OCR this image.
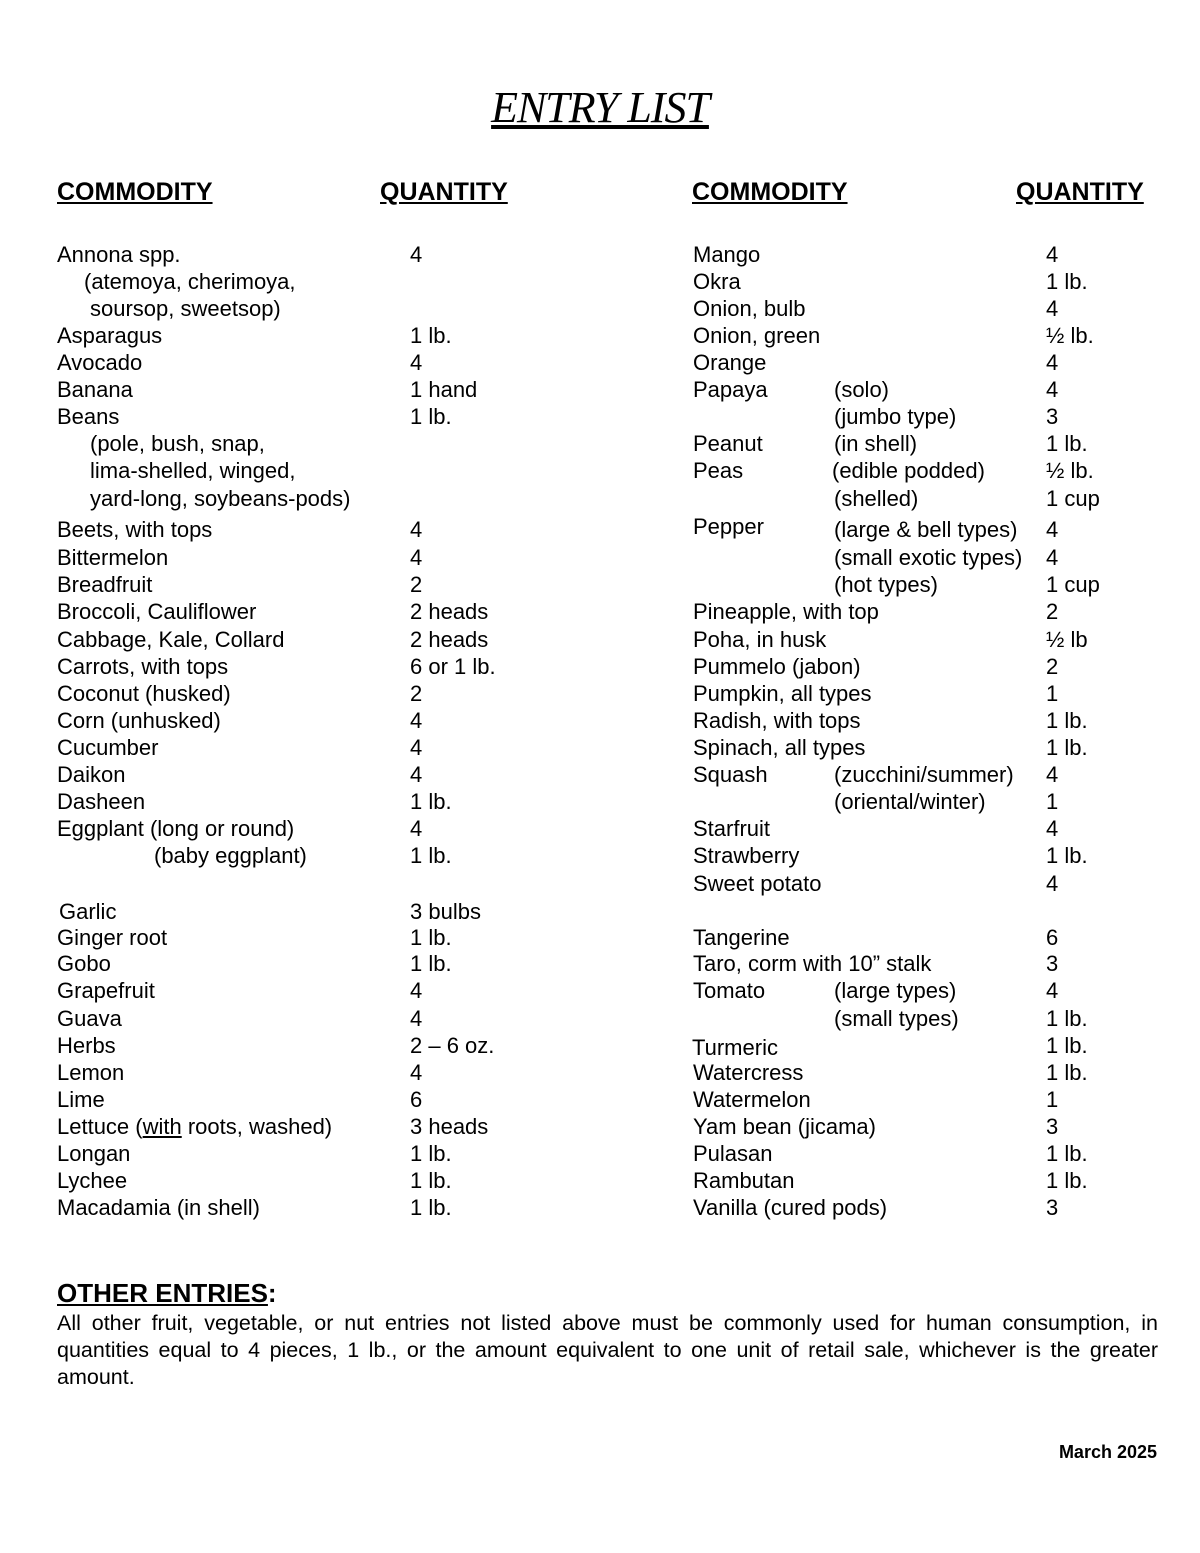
ENTRY LIST
COMMODITY	QUANTITY	COMMODITY	QUANTITY
Annona spp.	4
(atemoya, cherimoya,
soursop, sweetsop)
Asparagus	1 lb.
Avocado	4
Banana	1 hand
Beans	1 lb.
(pole, bush, snap,
lima-shelled, winged,
yard-long, soybeans-pods)
Beets, with tops	4
Bittermelon	4
Breadfruit	2
Broccoli, Cauliflower	2 heads
Cabbage, Kale, Collard	2 heads
Carrots, with tops	6 or 1 lb.
Coconut (husked)	2
Corn (unhusked)	4
Cucumber	4
Daikon	4
Dasheen	1 lb.
Eggplant (long or round)	4
(baby eggplant)	1 lb.
Garlic	3 bulbs
Ginger root	1 lb.
Gobo	1 lb.
Grapefruit	4
Guava	4
Herbs	2 – 6 oz.
Lemon	4
Lime	6
Lettuce (with roots, washed)	3 heads
Longan	1 lb.
Lychee	1 lb.
Macadamia (in shell)	1 lb.
Mango	4
Okra	1 lb.
Onion, bulb	4
Onion, green	½ lb.
Orange	4
Papaya	(solo)	4
(jumbo type)	3
Peanut	(in shell)	1 lb.
Peas	(edible podded)	½ lb.
(shelled)	1 cup
Pepper	(large & bell types) 4
(small exotic types) 4
(hot types)	1 cup
Pineapple, with top	2
Poha, in husk	½ lb
Pummelo (jabon)	2
Pumpkin, all types	1
Radish, with tops	1 lb.
Spinach, all types	1 lb.
Squash	(zucchini/summer) 4
(oriental/winter)	1
Starfruit	4
Strawberry	1 lb.
Sweet potato	4
Tangerine	6
Taro, corm with 10” stalk	3
Tomato	(large types)	4
(small types)	1 lb.
Turmeric	1 lb.
Watercress	1 lb.
Watermelon	1
Yam bean (jicama)	3
Pulasan	1 lb.
Rambutan	1 lb.
Vanilla (cured pods)	3
OTHER ENTRIES:
All other fruit, vegetable, or nut entries not listed above must be commonly used for human consumption, in quantities equal to 4 pieces, 1 lb., or the amount equivalent to one unit of retail sale, whichever is the greater amount.
March 2025
